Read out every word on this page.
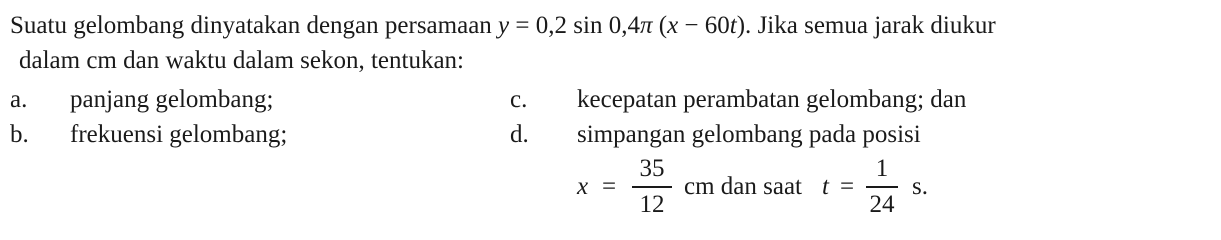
Suatu gelombang dinyatakan dengan persamaan y = 0,2 sin 0,4π (x − 60t). Jika semua jarak diukur
dalam cm dan waktu dalam sekon, tentukan:
a. panjang gelombang;
b. frekuensi gelombang;
c. kecepatan perambatan gelombang; dan
d. simpangan gelombang pada posisi
x =
35
12
cm dan saat t =
1
24
s.
